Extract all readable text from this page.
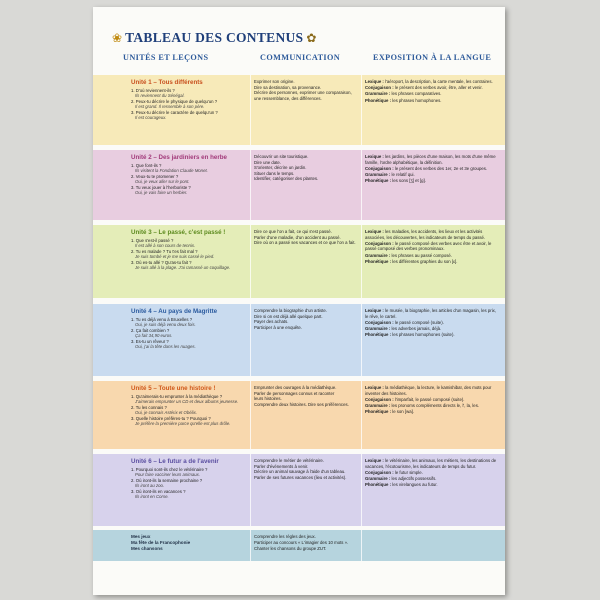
❀ TABLEAU DES CONTENUS ✿
UNITÉS ET LEÇONS	COMMUNICATION	EXPOSITION À LA LANGUE
Unité 1 – Tous différents
1. D'où reviennent-ils ?
Ils reviennent du Sénégal.
2. Peux-tu décrire le physique de quelqu'un ?
Il est grand. Il ressemble à son père.
3. Peux-tu décrire le caractère de quelqu'un ?
Il est courageux.
Exprimer son origine.
Dire sa destination, sa provenance.
Décrire des personnes, exprimer une comparaison,
une ressemblance, des différences.
Lexique : l'aéroport, la description, la carte mentale, les contraires.
Conjugaison : le présent des verbes avoir, être, aller et venir.
Grammaire : les phrases comparatives.
Phonétique : les phrases homophones.
Unité 2 – Des jardiniers en herbe
1. Que font-ils ?
Ils visitent la Fondation Claude Monet.
2. Veux-tu te promener ?
Oui, je veux aller sur le pont.
3. Tu veux jouer à l'herboriste ?
Oui, je vais faire un herbier.
Découvrir un site touristique.
Dire une date.
S'orienter, décrire un jardin.
Situer dans le temps.
Identifier, catégoriser des plantes.
Lexique : les jardins, les pièces d'une maison, les mots d'une même famille, l'ordre alphabétique, la définition.
Conjugaison : le présent des verbes des 1er, 2e et 3e groupes.
Grammaire : le relatif qui.
Phonétique : les sons [ʒ] et [g].
Unité 3 – Le passé, c'est passé !
1. Que s'est-il passé ?
Il est allé à son cours de tennis.
2. Tu es malade ? Tu t'es fait mal ?
Je suis tombé et je me suis cassé le pied.
3. Où es-tu allé ? Qu'as-tu fait ?
Je suis allé à la plage. J'ai ramassé un coquillage.
Dire ce que l'on a fait, ce qui s'est passé.
Parler d'une maladie, d'un accident au passé.
Dire où on a passé ses vacances et ce que l'on a fait.
Lexique : les maladies, les accidents, les lieux et les activités associées, les découvertes, les indicateurs de temps du passé.
Conjugaison : le passé composé des verbes avec être et avoir, le passé composé des verbes pronominaux.
Grammaire : les phrases au passé composé.
Phonétique : les différentes graphies du son [ɛ].
Unité 4 – Au pays de Magritte
1. Tu es déjà venu à Bruxelles ?
Oui, je suis déjà venu deux fois.
2. Ça fait combien ?
Ça fait 34,90 euros.
3. Es-tu un rêveur ?
Oui, j'ai la tête dans les nuages.
Comprendre la biographie d'un artiste.
Dire si on est déjà allé quelque part.
Payer des achats.
Participer à une enquête.
Lexique : le musée, la biographie, les articles d'un magasin, les prix, le rêve, le cartel.
Conjugaison : le passé composé (suite).
Grammaire : les adverbes jamais, déjà.
Phonétique : les phrases homophones (suite).
Unité 5 – Toute une histoire !
1. Qu'aimerais-tu emprunter à la médiathèque ?
J'aimerais emprunter un CD et deux albums jeunesse.
2. Tu les connais ?
Oui, je connais Astérix et Obélix.
3. Quelle histoire préfères-tu ? Pourquoi ?
Je préfère la première parce qu'elle est plus drôle.
Emprunter des ouvrages à la médiathèque.
Parler de personnages connus et raconter
leurs histoires.
Comprendre deux histoires. Dire ses préférences.
Lexique : la médiathèque, la lecture, le kamishibaï, des mots pour inventer des histoires.
Conjugaison : l'imparfait, le passé composé (suite).
Grammaire : les pronoms compléments directs le, l', la, les.
Phonétique : le son [wa].
Unité 6 – Le futur a de l'avenir
1. Pourquoi sont-ils chez le vétérinaire ?
Pour faire vacciner leurs animaux.
2. Où iront-ils la semaine prochaine ?
Ils iront au zoo.
3. Où iront-ils en vacances ?
Ils iront en Corse.
Comprendre le métier de vétérinaire.
Parler d'événements à venir.
Décrire un animal sauvage à l'aide d'un tableau.
Parler de ses futures vacances (lieu et activités).
Lexique : le vétérinaire, les animaux, les métiers, les destinations de vacances, l'écotourisme, les indicateurs de temps du futur.
Conjugaison : le futur simple.
Grammaire : les adjectifs possessifs.
Phonétique : les virelangues au futur.
Mes jeux
Ma fête de la Francophonie
Mes chansons
Comprendre les règles des jeux.
Participer au concours « L'imagier des 10 mots ».
Chanter les chansons du groupe ZUT.
